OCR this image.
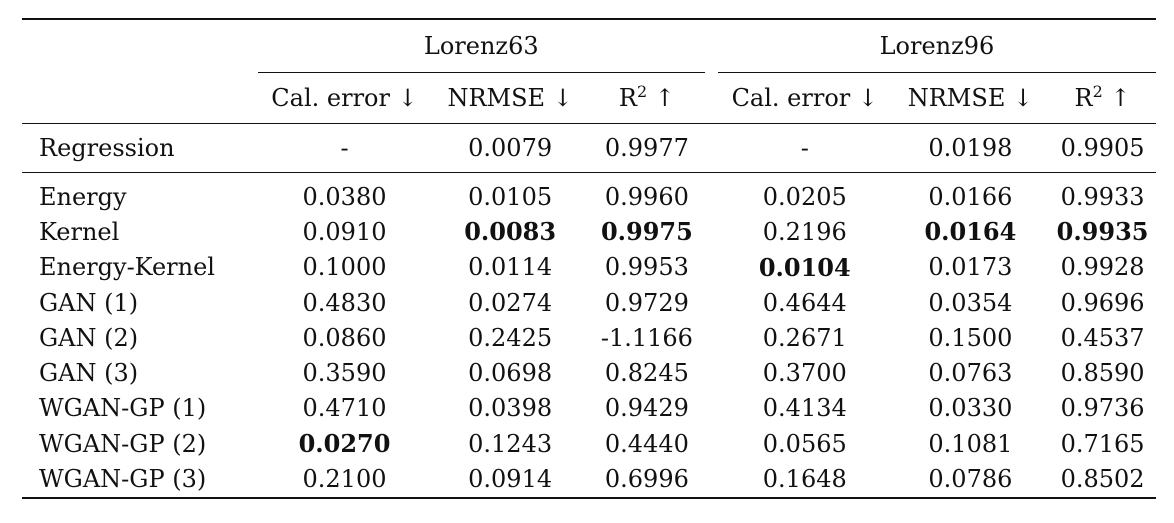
	Lorenz63				Lorenz96		
	Cal. error ↓	NRMSE ↓	$R^2$ ↑		Cal. error ↓	NRMSE ↓	$R^2$ ↑

Regression	-	0.0079	0.9977		-	0.0198	0.9905

Energy	0.0380	0.0105	0.9960		0.0205	0.0166	0.9933
Kernel	0.0910	0.0083	0.9975		0.2196	0.0164	0.9935
Energy-Kernel	0.1000	0.0114	0.9953		0.0104	0.0173	0.9928
GAN (1)	0.4830	0.0274	0.9729		0.4644	0.0354	0.9696
GAN (2)	0.0860	0.2425	-1.1166		0.2671	0.1500	0.4537
GAN (3)	0.3590	0.0698	0.8245		0.3700	0.0763	0.8590
WGAN-GP (1)	0.4710	0.0398	0.9429		0.4134	0.0330	0.9736
WGAN-GP (2)	0.0270	0.1243	0.4440		0.0565	0.1081	0.7165
WGAN-GP (3)	0.2100	0.0914	0.6996		0.1648	0.0786	0.8502
